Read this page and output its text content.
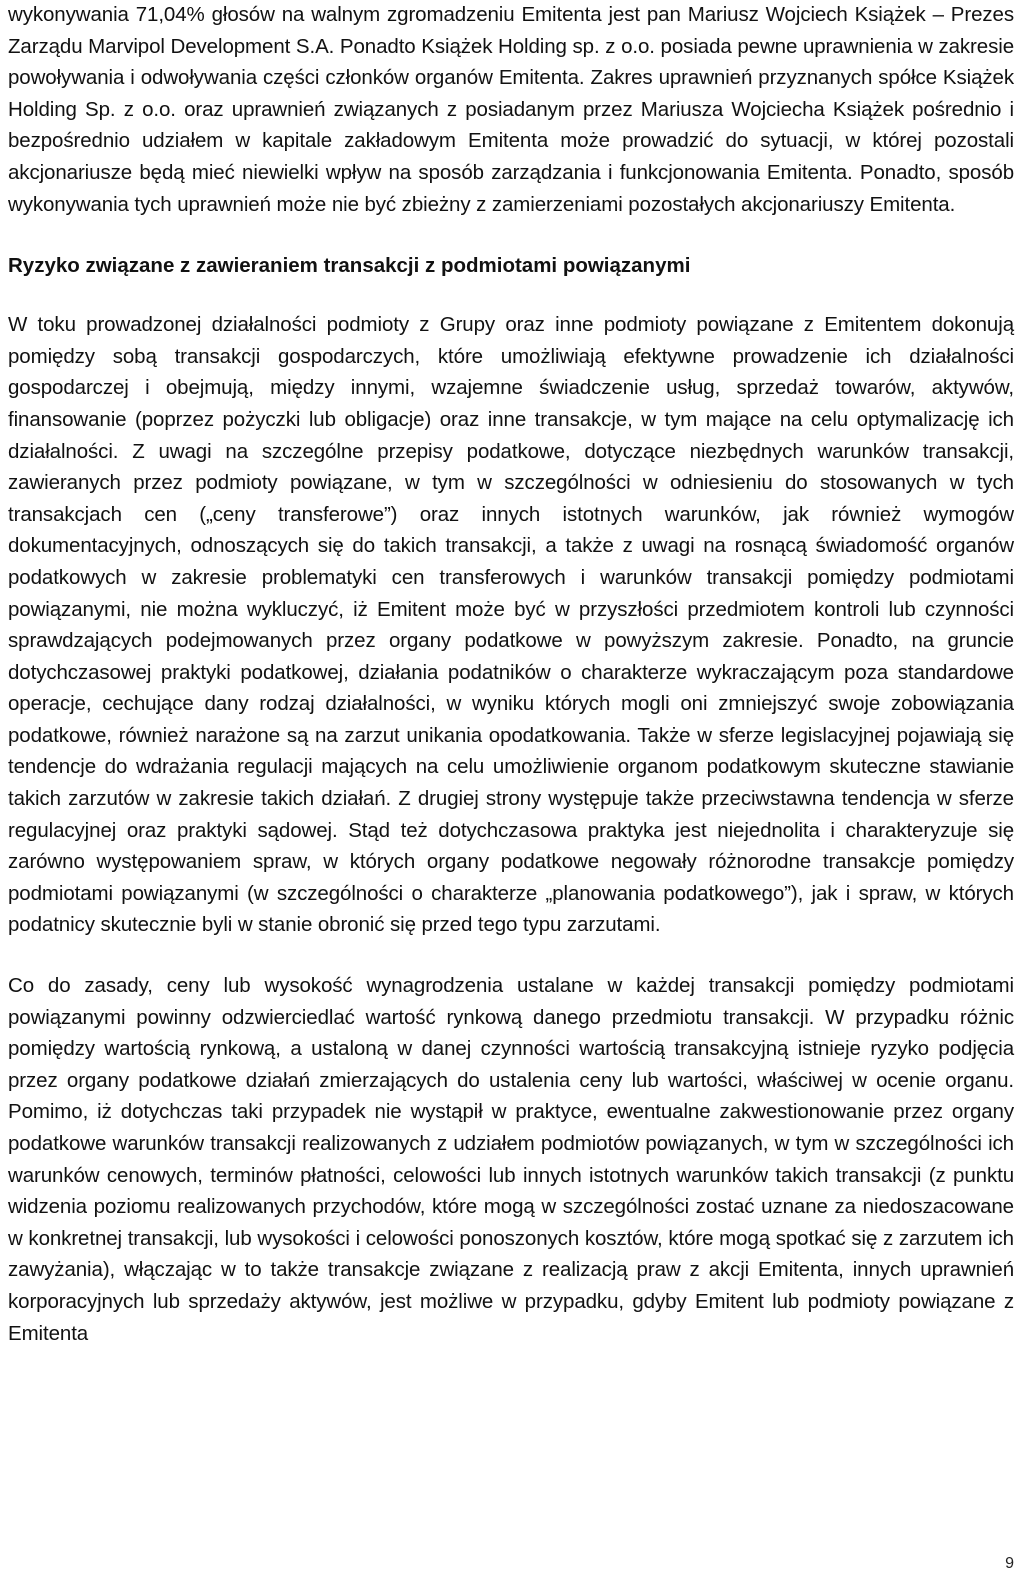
wykonywania 71,04% głosów na walnym zgromadzeniu Emitenta jest pan Mariusz Wojciech Książek – Prezes Zarządu Marvipol Development S.A. Ponadto Książek Holding sp. z o.o. posiada pewne uprawnienia w zakresie powoływania i odwoływania części członków organów Emitenta. Zakres uprawnień przyznanych spółce Książek Holding Sp. z o.o. oraz uprawnień związanych z posiadanym przez Mariusza Wojciecha Książek pośrednio i bezpośrednio udziałem w kapitale zakładowym Emitenta może prowadzić do sytuacji, w której pozostali akcjonariusze będą mieć niewielki wpływ na sposób zarządzania i funkcjonowania Emitenta. Ponadto, sposób wykonywania tych uprawnień może nie być zbieżny z zamierzeniami pozostałych akcjonariuszy Emitenta.

Ryzyko związane z zawieraniem transakcji z podmiotami powiązanymi

W toku prowadzonej działalności podmioty z Grupy oraz inne podmioty powiązane z Emitentem dokonują pomiędzy sobą transakcji gospodarczych, które umożliwiają efektywne prowadzenie ich działalności gospodarczej i obejmują, między innymi, wzajemne świadczenie usług, sprzedaż towarów, aktywów, finansowanie (poprzez pożyczki lub obligacje) oraz inne transakcje, w tym mające na celu optymalizację ich działalności. Z uwagi na szczególne przepisy podatkowe, dotyczące niezbędnych warunków transakcji, zawieranych przez podmioty powiązane, w tym w szczególności w odniesieniu do stosowanych w tych transakcjach cen („ceny transferowe”) oraz innych istotnych warunków, jak również wymogów dokumentacyjnych, odnoszących się do takich transakcji, a także z uwagi na rosnącą świadomość organów podatkowych w zakresie problematyki cen transferowych i warunków transakcji pomiędzy podmiotami powiązanymi, nie można wykluczyć, iż Emitent może być w przyszłości przedmiotem kontroli lub czynności sprawdzających podejmowanych przez organy podatkowe w powyższym zakresie. Ponadto, na gruncie dotychczasowej praktyki podatkowej, działania podatników o charakterze wykraczającym poza standardowe operacje, cechujące dany rodzaj działalności, w wyniku których mogli oni zmniejszyć swoje zobowiązania podatkowe, również narażone są na zarzut unikania opodatkowania. Także w sferze legislacyjnej pojawiają się tendencje do wdrażania regulacji mających na celu umożliwienie organom podatkowym skuteczne stawianie takich zarzutów w zakresie takich działań. Z drugiej strony występuje także przeciwstawna tendencja w sferze regulacyjnej oraz praktyki sądowej. Stąd też dotychczasowa praktyka jest niejednolita i charakteryzuje się zarówno występowaniem spraw, w których organy podatkowe negowały różnorodne transakcje pomiędzy podmiotami powiązanymi (w szczególności o charakterze „planowania podatkowego”), jak i spraw, w których podatnicy skutecznie byli w stanie obronić się przed tego typu zarzutami.

Co do zasady, ceny lub wysokość wynagrodzenia ustalane w każdej transakcji pomiędzy podmiotami powiązanymi powinny odzwierciedlać wartość rynkową danego przedmiotu transakcji. W przypadku różnic pomiędzy wartością rynkową, a ustaloną w danej czynności wartością transakcyjną istnieje ryzyko podjęcia przez organy podatkowe działań zmierzających do ustalenia ceny lub wartości, właściwej w ocenie organu. Pomimo, iż dotychczas taki przypadek nie wystąpił w praktyce, ewentualne zakwestionowanie przez organy podatkowe warunków transakcji realizowanych z udziałem podmiotów powiązanych, w tym w szczególności ich warunków cenowych, terminów płatności, celowości lub innych istotnych warunków takich transakcji (z punktu widzenia poziomu realizowanych przychodów, które mogą w szczególności zostać uznane za niedoszacowane w konkretnej transakcji, lub wysokości i celowości ponoszonych kosztów, które mogą spotkać się z zarzutem ich zawyżania), włączając w to także transakcje związane z realizacją praw z akcji Emitenta, innych uprawnień korporacyjnych lub sprzedaży aktywów, jest możliwe w przypadku, gdyby Emitent lub podmioty powiązane z Emitenta

9
